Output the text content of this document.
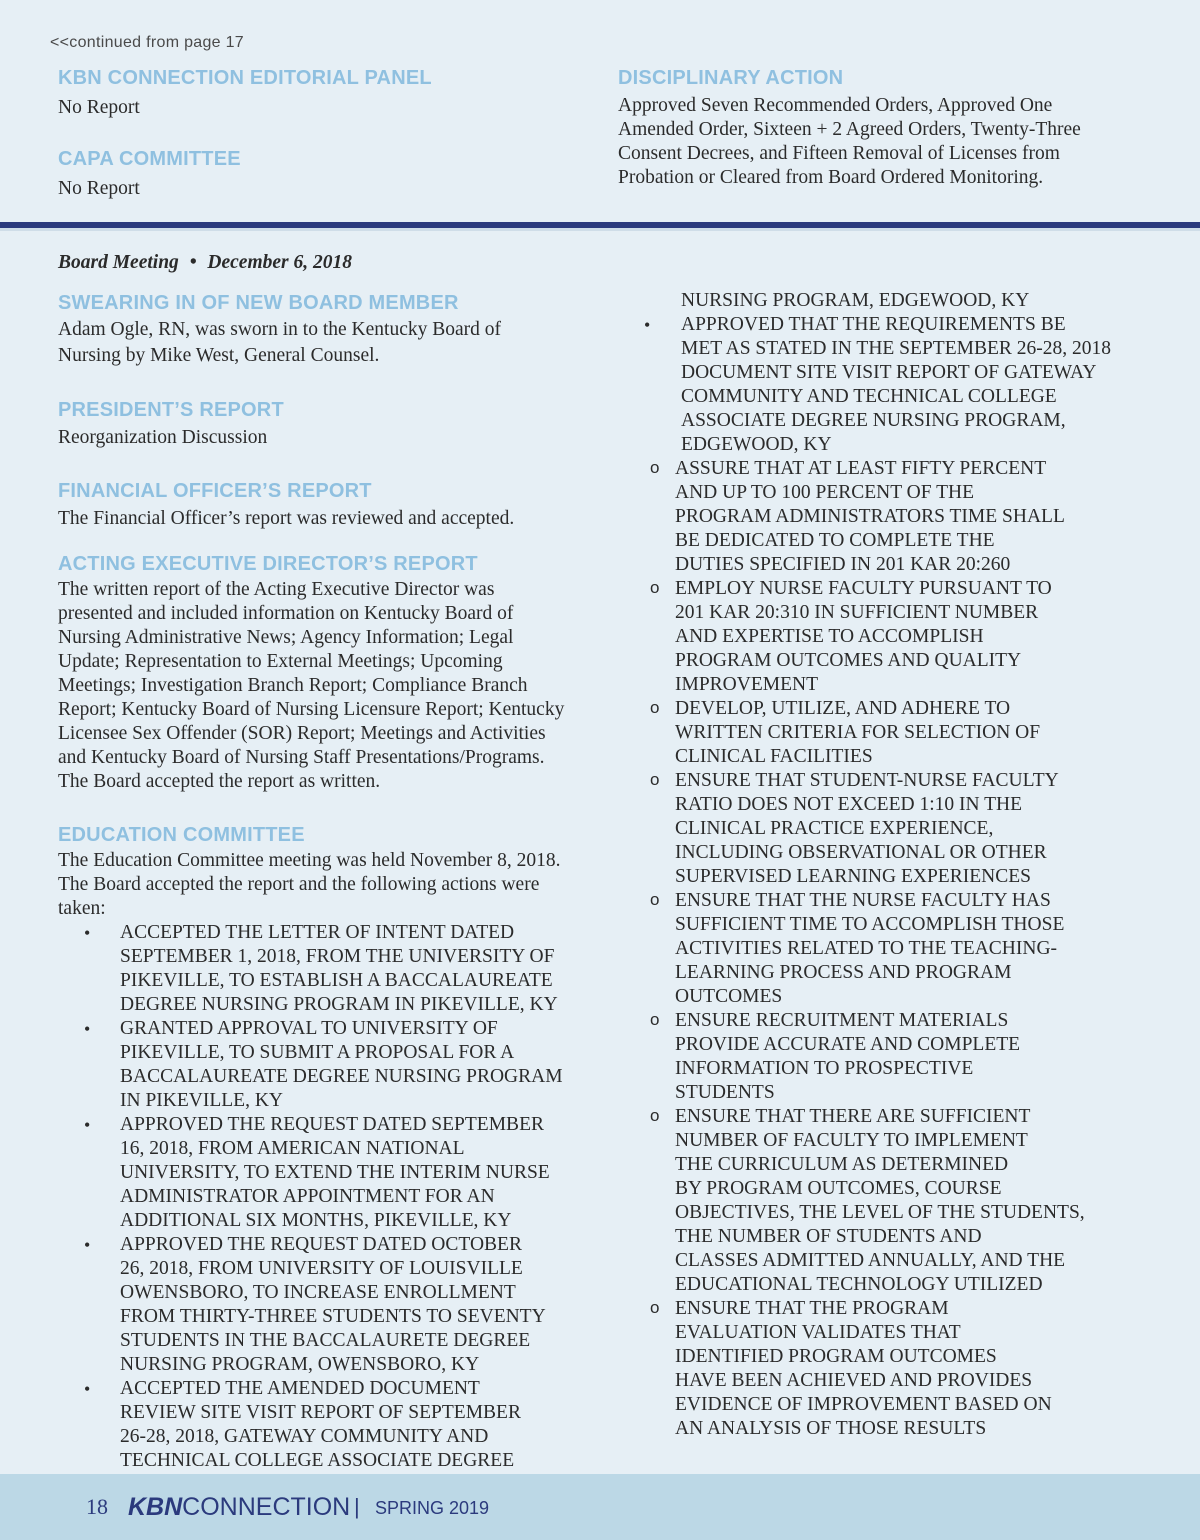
<<continued from page 17
KBN CONNECTION EDITORIAL PANEL

No Report

CAPA COMMITTEE

No Report

DISCIPLINARY ACTION

Approved Seven Recommended Orders, Approved One
Amended Order, Sixteen + 2 Agreed Orders, Twenty-Three
Consent Decrees, and Fifteen Removal of Licenses from
Probation or Cleared from Board Ordered Monitoring.

Board Meeting • December 6, 2018
SWEARING IN OF NEW BOARD MEMBER

Adam Ogle, RN, was sworn in to the Kentucky Board of
Nursing by Mike West, General Counsel.

PRESIDENT’S REPORT

Reorganization Discussion

FINANCIAL OFFICER’S REPORT

The Financial Officer’s report was reviewed and accepted.

ACTING EXECUTIVE DIRECTOR’S REPORT

The written report of the Acting Executive Director was
presented and included information on Kentucky Board of
Nursing Administrative News; Agency Information; Legal
Update; Representation to External Meetings; Upcoming
Meetings; Investigation Branch Report; Compliance Branch
Report; Kentucky Board of Nursing Licensure Report; Kentucky
Licensee Sex Offender (SOR) Report; Meetings and Activities
and Kentucky Board of Nursing Staff Presentations/Programs.
The Board accepted the report as written.

EDUCATION COMMITTEE

The Education Committee meeting was held November 8, 2018.
The Board accepted the report and the following actions were taken:

• ACCEPTED THE LETTER OF INTENT DATED
SEPTEMBER 1, 2018, FROM THE UNIVERSITY OF
PIKEVILLE, TO ESTABLISH A BACCALAUREATE
DEGREE NURSING PROGRAM IN PIKEVILLE, KY
• GRANTED APPROVAL TO UNIVERSITY OF
PIKEVILLE, TO SUBMIT A PROPOSAL FOR A
BACCALAUREATE DEGREE NURSING PROGRAM
IN PIKEVILLE, KY
• APPROVED THE REQUEST DATED SEPTEMBER
16, 2018, FROM AMERICAN NATIONAL
UNIVERSITY, TO EXTEND THE INTERIM NURSE
ADMINISTRATOR APPOINTMENT FOR AN
ADDITIONAL SIX MONTHS, PIKEVILLE, KY
• APPROVED THE REQUEST DATED OCTOBER
26, 2018, FROM UNIVERSITY OF LOUISVILLE
OWENSBORO, TO INCREASE ENROLLMENT
FROM THIRTY-THREE STUDENTS TO SEVENTY
STUDENTS IN THE BACCALAURETE DEGREE
NURSING PROGRAM, OWENSBORO, KY
• ACCEPTED THE AMENDED DOCUMENT
REVIEW SITE VISIT REPORT OF SEPTEMBER
26-28, 2018, GATEWAY COMMUNITY AND
TECHNICAL COLLEGE ASSOCIATE DEGREE
NURSING PROGRAM, EDGEWOOD, KY
• APPROVED THAT THE REQUIREMENTS BE
MET AS STATED IN THE SEPTEMBER 26-28, 2018
DOCUMENT SITE VISIT REPORT OF GATEWAY
COMMUNITY AND TECHNICAL COLLEGE
ASSOCIATE DEGREE NURSING PROGRAM,
EDGEWOOD, KY
o ASSURE THAT AT LEAST FIFTY PERCENT
AND UP TO 100 PERCENT OF THE
PROGRAM ADMINISTRATORS TIME SHALL
BE DEDICATED TO COMPLETE THE
DUTIES SPECIFIED IN 201 KAR 20:260
o EMPLOY NURSE FACULTY PURSUANT TO
201 KAR 20:310 IN SUFFICIENT NUMBER
AND EXPERTISE TO ACCOMPLISH
PROGRAM OUTCOMES AND QUALITY
IMPROVEMENT
o DEVELOP, UTILIZE, AND ADHERE TO
WRITTEN CRITERIA FOR SELECTION OF
CLINICAL FACILITIES
o ENSURE THAT STUDENT-NURSE FACULTY
RATIO DOES NOT EXCEED 1:10 IN THE
CLINICAL PRACTICE EXPERIENCE,
INCLUDING OBSERVATIONAL OR OTHER
SUPERVISED LEARNING EXPERIENCES
o ENSURE THAT THE NURSE FACULTY HAS
SUFFICIENT TIME TO ACCOMPLISH THOSE
ACTIVITIES RELATED TO THE TEACHING-
LEARNING PROCESS AND PROGRAM
OUTCOMES
o ENSURE RECRUITMENT MATERIALS
PROVIDE ACCURATE AND COMPLETE
INFORMATION TO PROSPECTIVE
STUDENTS
o ENSURE THAT THERE ARE SUFFICIENT
NUMBER OF FACULTY TO IMPLEMENT
THE CURRICULUM AS DETERMINED
BY PROGRAM OUTCOMES, COURSE
OBJECTIVES, THE LEVEL OF THE STUDENTS,
THE NUMBER OF STUDENTS AND
CLASSES ADMITTED ANNUALLY, AND THE
EDUCATIONAL TECHNOLOGY UTILIZED
o ENSURE THAT THE PROGRAM
EVALUATION VALIDATES THAT
IDENTIFIED PROGRAM OUTCOMES
HAVE BEEN ACHIEVED AND PROVIDES
EVIDENCE OF IMPROVEMENT BASED ON
AN ANALYSIS OF THOSE RESULTS
18 KBNCONNECTION | SPRING 2019
